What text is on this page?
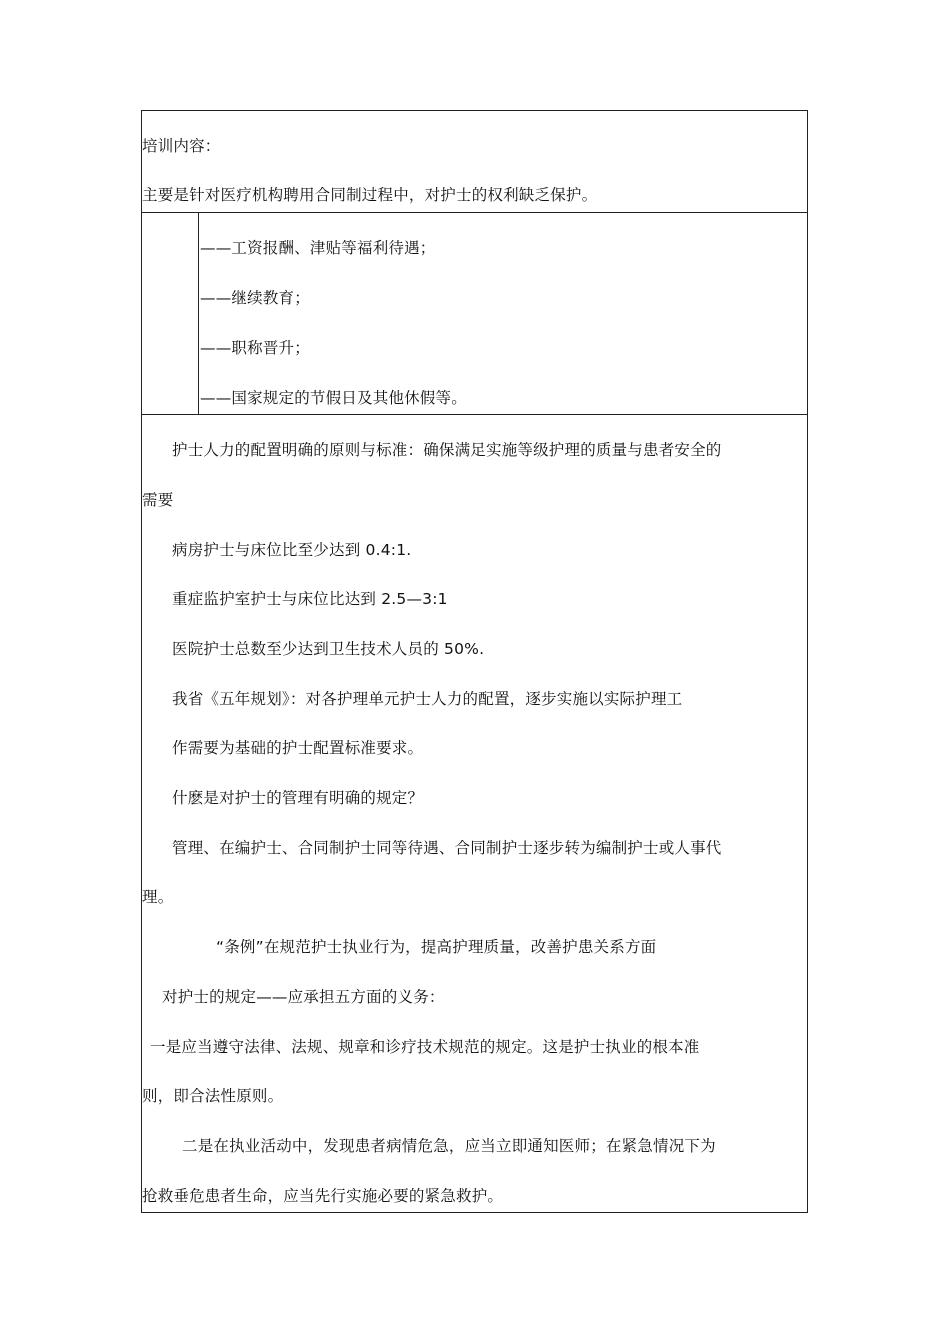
培训内容：
主要是针对医疗机构聘用合同制过程中，对护士的权利缺乏保护。
——工资报酬、津贴等福利待遇；
——继续教育；
——职称晋升；
——国家规定的节假日及其他休假等。
护士人力的配置明确的原则与标准：确保满足实施等级护理的质量与患者安全的
需要
病房护士与床位比至少达到 0.4:1.
重症监护室护士与床位比达到 2.5—3:1
医院护士总数至少达到卫生技术人员的 50%.
我省《五年规划》：对各护理单元护士人力的配置，逐步实施以实际护理工
作需要为基础的护士配置标准要求。
什麽是对护士的管理有明确的规定？
管理、在编护士、合同制护士同等待遇、合同制护士逐步转为编制护士或人事代
理。
“条例”在规范护士执业行为，提高护理质量，改善护患关系方面
对护士的规定——应承担五方面的义务：
一是应当遵守法律、法规、规章和诊疗技术规范的规定。这是护士执业的根本准
则，即合法性原则。
二是在执业活动中，发现患者病情危急，应当立即通知医师；在紧急情况下为
抢救垂危患者生命，应当先行实施必要的紧急救护。
